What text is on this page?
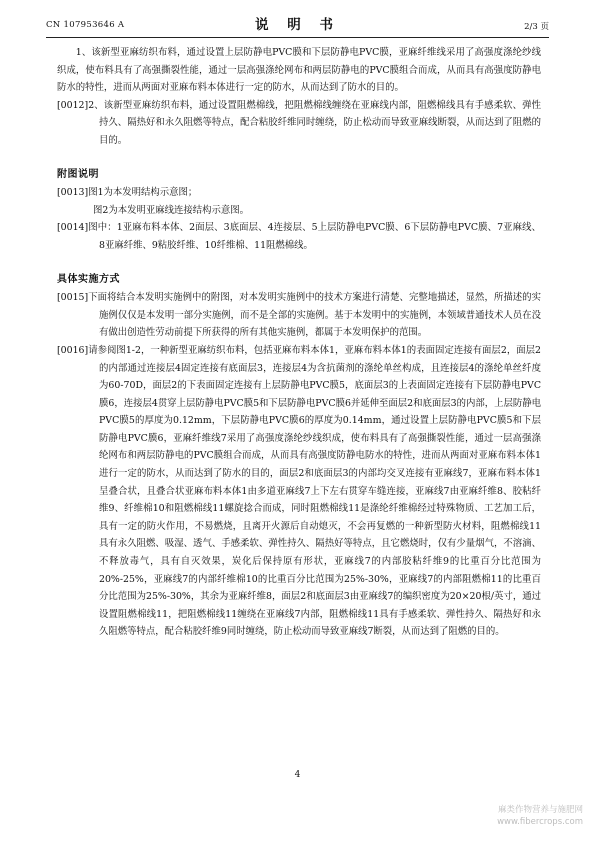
CN 107953646 A	说 明 书	2/3 页

1、该新型亚麻纺织布料，通过设置上层防静电PVC膜和下层防静电PVC膜，亚麻纤维线采用了高强度涤纶纱线织成，使布料具有了高强撕裂性能，通过一层高强涤纶网布和两层防静电的PVC膜组合而成，从而具有高强度防静电防水的特性，进而从两面对亚麻布料本体进行一定的防水，从而达到了防水的目的。

[0012]2、该新型亚麻纺织布料，通过设置阻燃棉线，把阻燃棉线缠绕在亚麻线内部，阻燃棉线具有手感柔软、弹性持久、隔热好和永久阻燃等特点，配合粘胶纤维同时缠绕，防止松动而导致亚麻线断裂，从而达到了阻燃的目的。

附图说明

[0013]图1为本发明结构示意图；

图2为本发明亚麻线连接结构示意图。

[0014]图中：1亚麻布料本体、2面层、3底面层、4连接层、5上层防静电PVC膜、6下层防静电PVC膜、7亚麻线、8亚麻纤维、9粘胶纤维、10纤维棉、11阻燃棉线。

具体实施方式

[0015]下面将结合本发明实施例中的附图，对本发明实施例中的技术方案进行清楚、完整地描述，显然，所描述的实施例仅仅是本发明一部分实施例，而不是全部的实施例。基于本发明中的实施例，本领域普通技术人员在没有做出创造性劳动前提下所获得的所有其他实施例，都属于本发明保护的范围。

[0016]请参阅图1-2，一种新型亚麻纺织布料，包括亚麻布料本体1，亚麻布料本体1的表面固定连接有面层2，面层2的内部通过连接层4固定连接有底面层3，连接层4为含抗菌剂的涤纶单丝构成，且连接层4的涤纶单丝纤度为60-70D，面层2的下表面固定连接有上层防静电PVC膜5，底面层3的上表面固定连接有下层防静电PVC膜6，连接层4贯穿上层防静电PVC膜5和下层防静电PVC膜6并延伸至面层2和底面层3的内部，上层防静电PVC膜5的厚度为0.12mm，下层防静电PVC膜6的厚度为0.14mm，通过设置上层防静电PVC膜5和下层防静电PVC膜6，亚麻纤维线7采用了高强度涤纶纱线织成，使布料具有了高强撕裂性能，通过一层高强涤纶网布和两层防静电的PVC膜组合而成，从而具有高强度防静电防水的特性，进而从两面对亚麻布料本体1进行一定的防水，从而达到了防水的目的，面层2和底面层3的内部均交叉连接有亚麻线7，亚麻布料本体1呈叠合状，且叠合状亚麻布料本体1由多道亚麻线7上下左右贯穿车缝连接，亚麻线7由亚麻纤维8、胶粘纤维9、纤维棉10和阻燃棉线11螺旋捻合而成，同时阻燃棉线11是涤纶纤维棉经过特殊物质、工艺加工后，具有一定的防火作用，不易燃烧，且离开火源后自动熄灭，不会再复燃的一种新型防火材料，阻燃棉线11具有永久阻燃、吸湿、透气、手感柔软、弹性持久、隔热好等特点，且它燃烧时，仅有少量烟气，不溶滴、不释放毒气，具有自灭效果，炭化后保持原有形状，亚麻线7的内部胶粘纤维9的比重百分比范围为20%-25%，亚麻线7的内部纤维棉10的比重百分比范围为25%-30%，亚麻线7的内部阻燃棉11的比重百分比范围为25%-30%，其余为亚麻纤维8，面层2和底面层3由亚麻线7的编织密度为20×20根/英寸，通过设置阻燃棉线11，把阻燃棉线11缠绕在亚麻线7内部，阻燃棉线11具有手感柔软、弹性持久、隔热好和永久阻燃等特点，配合粘胶纤维9同时缠绕，防止松动而导致亚麻线7断裂，从而达到了阻燃的目的。

4
麻类作物营养与施肥网
www.fibercrops.com
